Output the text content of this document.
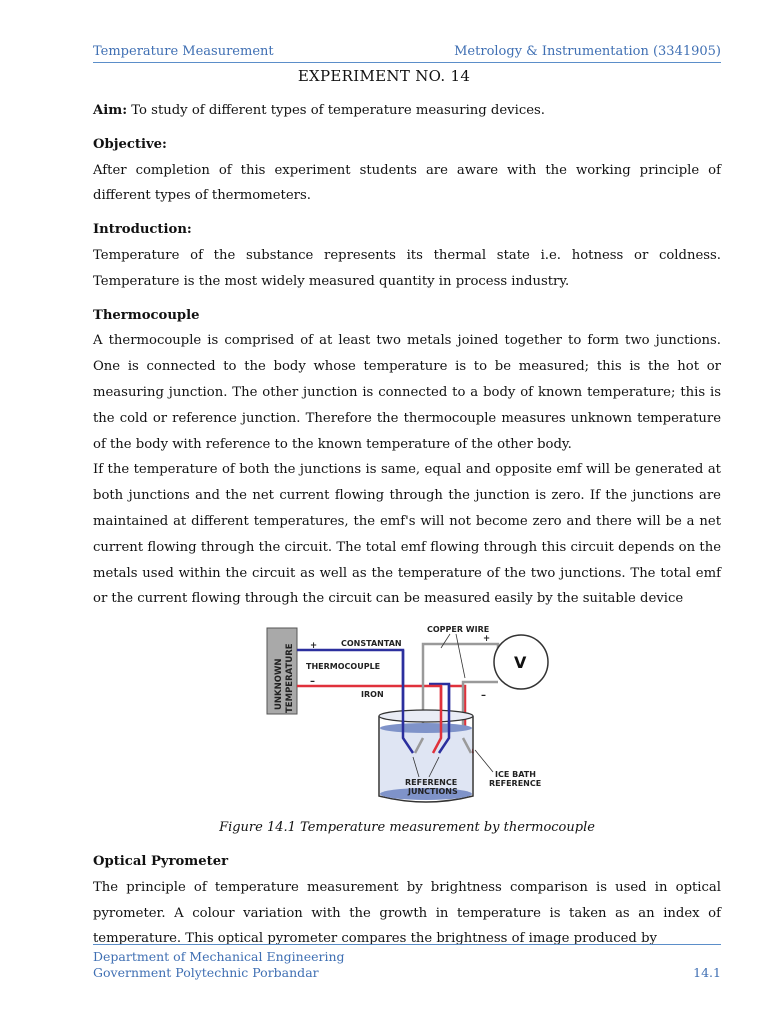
Temperature Measurement	Metrology & Instrumentation (3341905)
EXPERIMENT NO. 14

Aim: To study of different types of temperature measuring devices.

Objective:

After completion of this experiment students are aware with the working principle of different types of thermometers.

Introduction:

Temperature of the substance represents its thermal state i.e. hotness or coldness. Temperature is the most widely measured quantity in process industry.

Thermocouple

A thermocouple is comprised of at least two metals joined together to form two junctions. One is connected to the body whose temperature is to be measured; this is the hot or measuring junction. The other junction is connected to a body of known temperature; this is the cold or reference junction. Therefore the thermocouple measures unknown temperature of the body with reference to the known temperature of the other body.

If the temperature of both the junctions is same, equal and opposite emf will be generated at both junctions and the net current flowing through the junction is zero. If the junctions are maintained at different temperatures, the emf's will not become zero and there will be a net current flowing through the circuit. The total emf flowing through this circuit depends on the metals used within the circuit as well as the temperature of the two junctions. The total emf or the current flowing through the circuit can be measured easily by the suitable device

UNKNOWN TEMPERATURE	V
+
–
CONSTANTAN
THERMOCOUPLE
IRON
COPPER WIRE
+
–
ICE BATH
REFERENCE
REFERENCE
JUNCTIONS
Figure 14.1 Temperature measurement by thermocouple

Optical Pyrometer

The principle of temperature measurement by brightness comparison is used in optical pyrometer. A colour variation with the growth in temperature is taken as an index of temperature. This optical pyrometer compares the brightness of image produced by

Department of Mechanical Engineering
Government Polytechnic Porbandar	14.1
